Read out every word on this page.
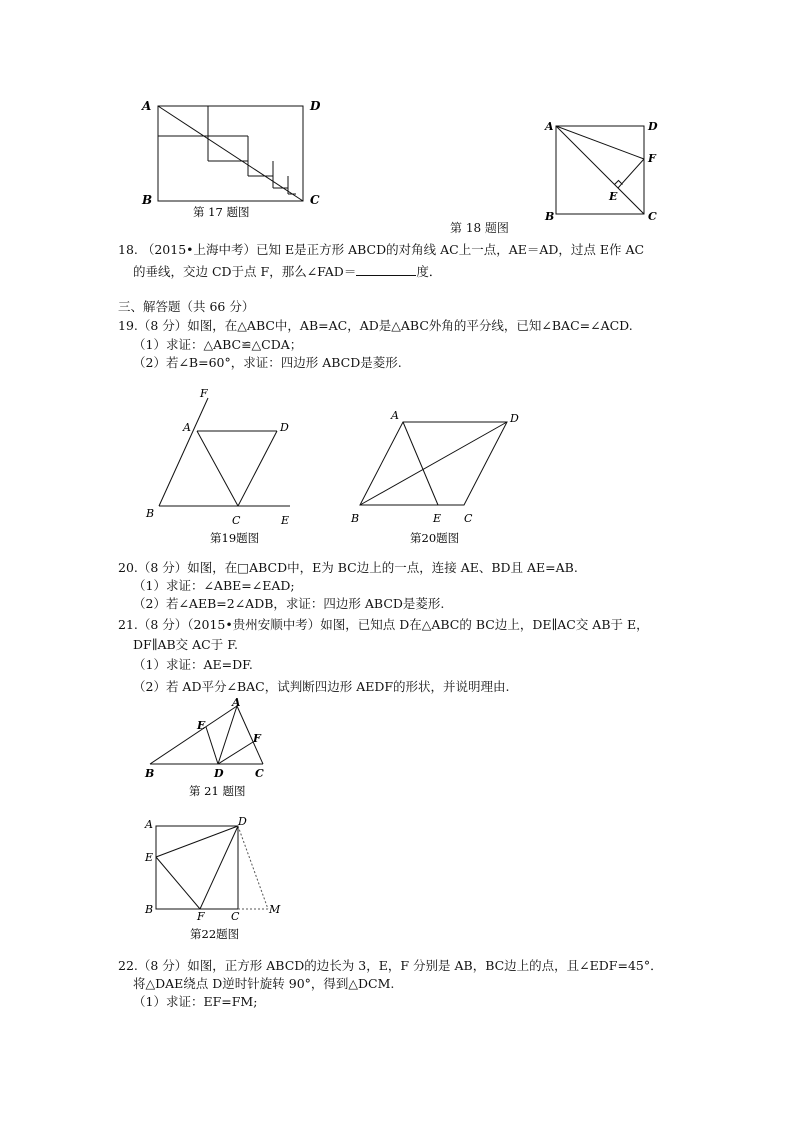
A	D
B	C
第 17 题图
A	D
F
E
B	C
第 18 题图
18. （2015•上海中考）已知 E是正方形 ABCD的对角线 AC上一点，AE＝AD，过点 E作 AC
的垂线，交边 CD于点 F，那么∠FAD＝	度．
三、解答题（共 66 分）
19.（8 分）如图，在△ABC中，AB=AC，AD是△ABC外角的平分线，已知∠BAC=∠ACD.
（1）求证：△ABC≌△CDA；
（2）若∠B=60°，求证：四边形 ABCD是菱形.
F
A	D
B
C	E
第19题图
A	D
B	E C
第20题图
20.（8 分）如图，在□ABCD中，E为 BC边上的一点，连接 AE、BD且 AE=AB.
（1）求证：∠ABE=∠EAD;
（2）若∠AEB=2∠ADB，求证：四边形 ABCD是菱形.
21.（8 分）（2015•贵州安顺中考）如图，已知点 D在△ABC的 BC边上，DE∥AC交 AB于 E，
DF∥AB交 AC于 F.
（1）求证：AE=DF.
（2）若 AD平分∠BAC，试判断四边形 AEDF的形状，并说明理由.
A
E
F
B	D	C
第 21 题图
A	D
E
B
F C
M
第22题图
22.（8 分）如图，正方形 ABCD的边长为 3，E，F 分别是 AB，BC边上的点，且∠EDF=45°．
将△DAE绕点 D逆时针旋转 90°，得到△DCM.
（1）求证：EF=FM;
